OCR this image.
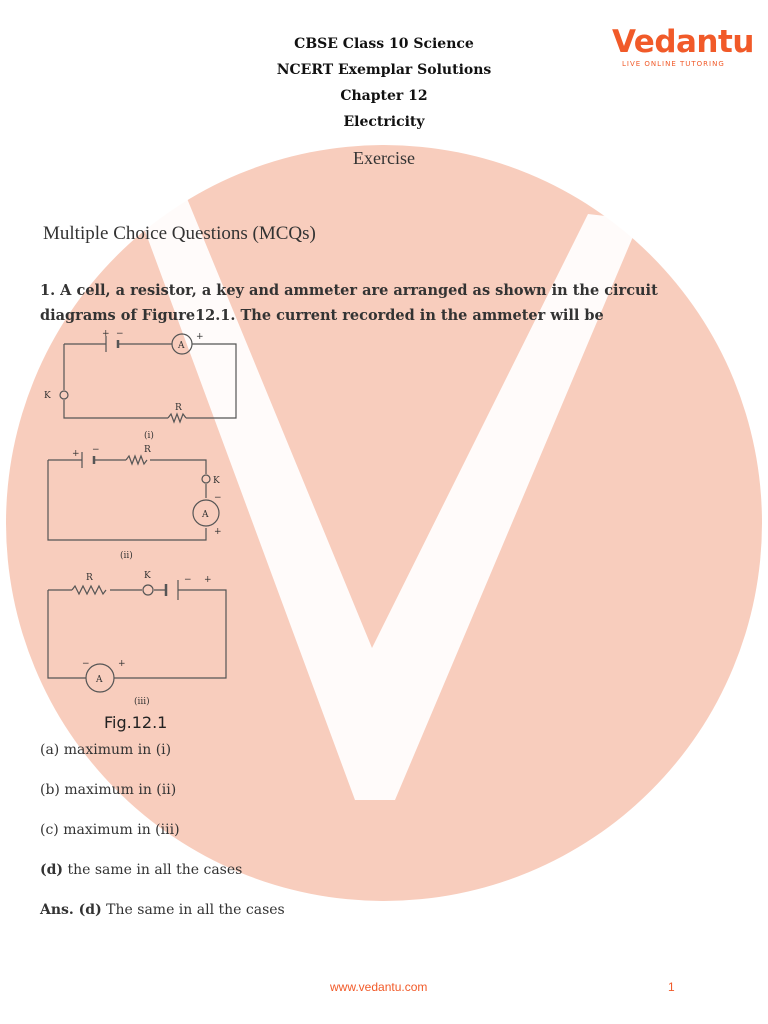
CBSE Class 10 Science
NCERT Exemplar Solutions
Chapter 12
Electricity
Vedantu
LIVE ONLINE TUTORING
Exercise
Multiple Choice Questions (MCQs)
1. A cell, a resistor, a key and ammeter are arranged as shown in the circuit diagrams of Figure12.1. The current recorded in the ammeter will be
+ −
A
+
K
R
(i)
+ −	R
K
−
A
+
(ii)
R	K	− +
−
A
+
(iii)
Fig.12.1
(a) maximum in (i)
(b) maximum in (ii)
(c) maximum in (iii)
(d) the same in all the cases
Ans. (d) The same in all the cases
www.vedantu.com	1
